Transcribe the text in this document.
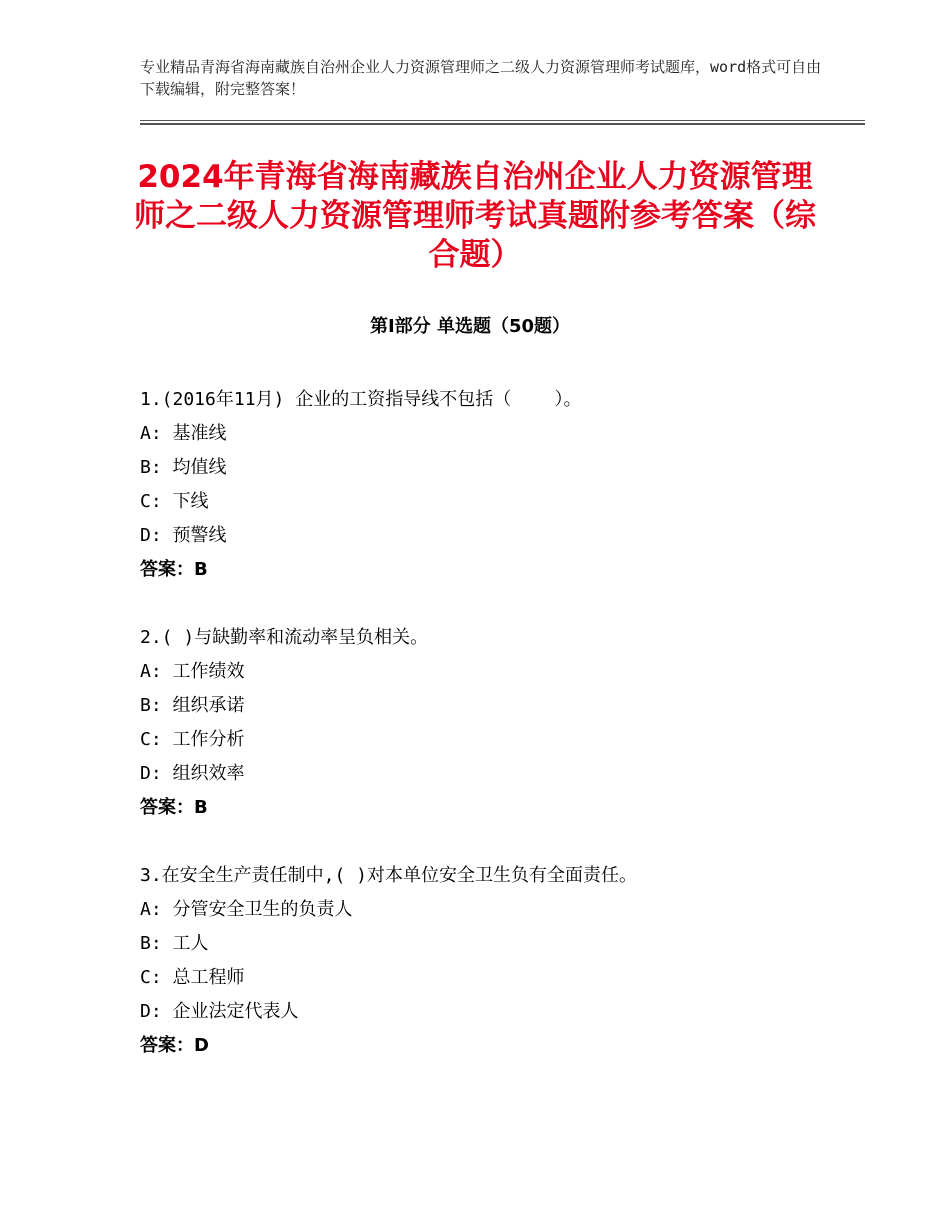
专业精品青海省海南藏族自治州企业人力资源管理师之二级人力资源管理师考试题库，word格式可自由下载编辑，附完整答案！
2024年青海省海南藏族自治州企业人力资源管理师之二级人力资源管理师考试真题附参考答案（综合题）
第Ⅰ部分 单选题（50题）
1.(2016年11月) 企业的工资指导线不包括（    ）。
A: 基准线
B: 均值线
C: 下线
D: 预警线
答案：B
2.( )与缺勤率和流动率呈负相关。
A: 工作绩效
B: 组织承诺
C: 工作分析
D: 组织效率
答案：B
3.在安全生产责任制中,( )对本单位安全卫生负有全面责任。
A: 分管安全卫生的负责人
B: 工人
C: 总工程师
D: 企业法定代表人
答案：D
